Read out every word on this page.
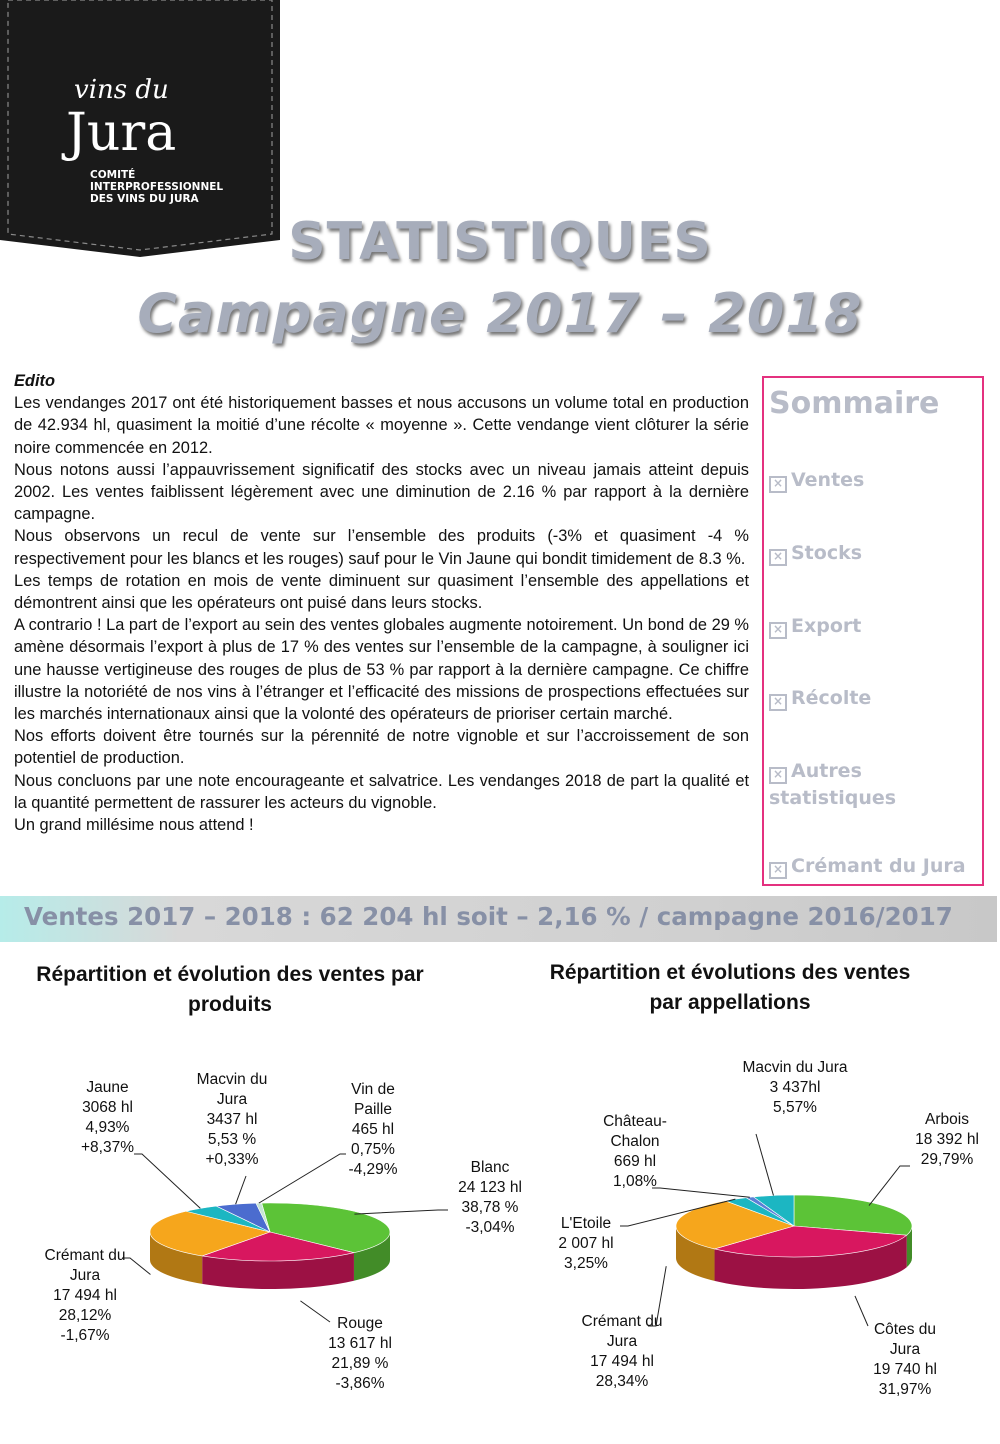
vins du
Jura
COMITÉ
INTERPROFESSIONNEL
DES VINS DU JURA
STATISTIQUES
Campagne 2017 – 2018

Edito

Les vendanges 2017 ont été historiquement basses et nous accusons un volume total en production de 42.934 hl, quasiment la moitié d’une récolte « moyenne ». Cette vendange vient clôturer la série noire commencée en 2012.

Nous notons aussi l’appauvrissement significatif des stocks avec un niveau jamais atteint depuis 2002. Les ventes faiblissent légèrement avec une diminution de 2.16 % par rapport à la dernière campagne.

Nous observons un recul de vente sur l’ensemble des produits (-3% et quasiment -4 % respectivement pour les blancs et les rouges) sauf pour le Vin Jaune qui bondit timidement de 8.3 %.

Les temps de rotation en mois de vente diminuent sur quasiment l’ensemble des appellations et démontrent ainsi que les opérateurs ont puisé dans leurs stocks.

A contrario ! La part de l’export au sein des ventes globales augmente notoirement. Un bond de 29 % amène désormais l’export à plus de 17 % des ventes sur l’ensemble de la campagne, à souligner ici une hausse vertigineuse des rouges de plus de 53 % par rapport à la dernière campagne. Ce chiffre illustre la notoriété de nos vins à l’étranger et l’efficacité des missions de prospections effectuées sur les marchés internationaux ainsi que la volonté des opérateurs de prioriser certain marché.

Nos efforts doivent être tournés sur la pérennité de notre vignoble et sur l’accroissement de son potentiel de production.

Nous concluons par une note encourageante et salvatrice. Les vendanges 2018 de part la qualité et la quantité permettent de rassurer les acteurs du vignoble.

Un grand millésime nous attend !

Sommaire
× Ventes
× Stocks
× Export
× Récolte
× Autres statistiques
× Crémant du Jura
Ventes 2017 – 2018 : 62 204 hl soit – 2,16 % / campagne 2016/2017
Répartition et évolution des ventes par produits
Répartition et évolutions des ventes par appellations
Jaune
3068 hl
4,93%
+8,37%
Macvin du Jura
3437 hl
5,53 %
+0,33%
Vin de Paille
465 hl
0,75%
-4,29%	Blanc
24 123 hl
38,78 %
-3,04%
Crémant du Jura
17 494 hl
28,12%
-1,67%
Rouge
13 617 hl
21,89 %
-3,86%
Macvin du Jura
3 437hl
5,57%
Château-Chalon
669 hl
1,08%
Arbois
18 392 hl
29,79%
L'Etoile
2 007 hl
3,25%
Crémant du Jura
17 494 hl
28,34%
Côtes du Jura
19 740 hl
31,97%
